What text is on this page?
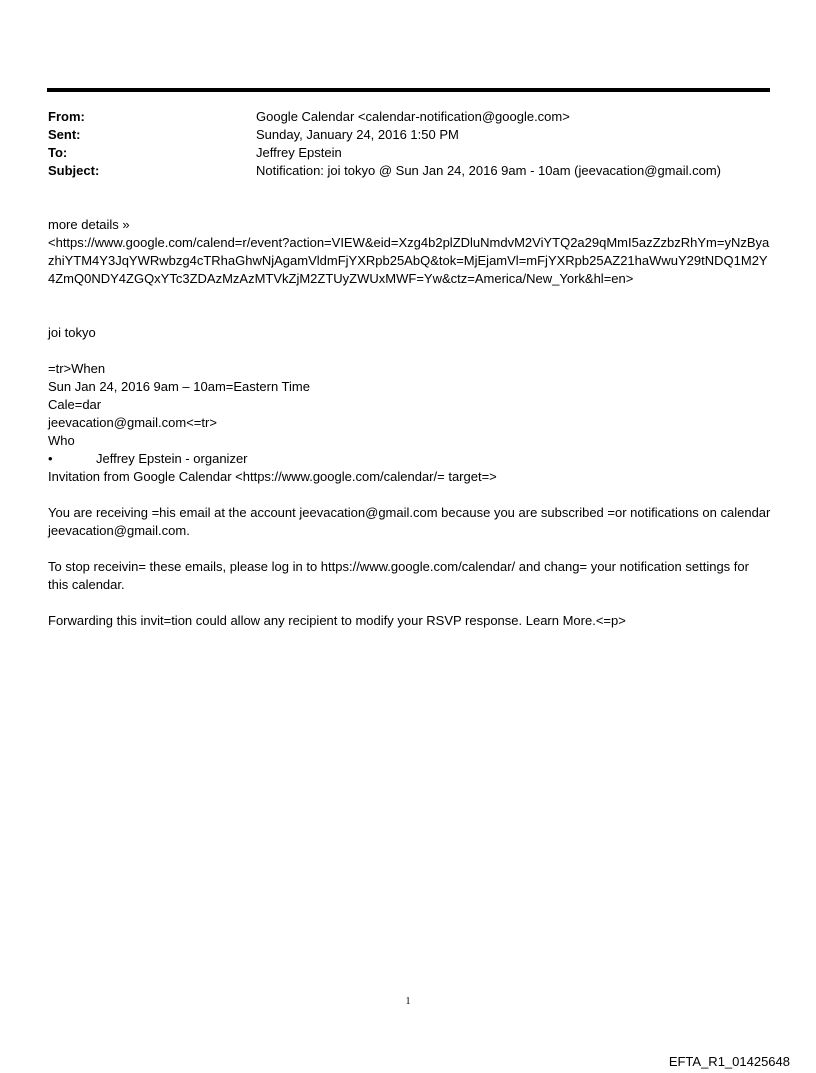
From:	Google Calendar <calendar-notification@google.com>
Sent:	Sunday, January 24, 2016 1:50 PM
To:	Jeffrey Epstein
Subject:	Notification: joi tokyo @ Sun Jan 24, 2016 9am - 10am (jeevacation@gmail.com)

more details »

<https://www.google.com/calend=r/event?action=VIEW&eid=Xzg4b2plZDluNmdvM2ViYTQ2a29qMmI5azZzbzRhYm=yNzByazhiYTM4Y3JqYWRwbzg4cTRhaGhwNjAgamVldmFjYXRpb25AbQ&tok=MjEjamVl=mFjYXRpb25AZ21haWwuY29tNDQ1M2Y4ZmQ0NDY4ZGQxYTc3ZDAzMzAzMTVkZjM2ZTUyZWUxMWF=Yw&ctz=America/New_York&hl=en>

joi tokyo

=tr>When

Sun Jan 24, 2016 9am – 10am=Eastern Time

Cale=dar

jeevacation@gmail.com<=tr>

Who

•	Jeffrey Epstein - organizer

Invitation from Google Calendar <https://www.google.com/calendar/= target=>

You are receiving =his email at the account jeevacation@gmail.com because you are subscribed =or notifications on calendar jeevacation@gmail.com.

To stop receivin= these emails, please log in to https://www.google.com/calendar/ and chang= your notification settings for this calendar.

Forwarding this invit=tion could allow any recipient to modify your RSVP response. Learn More.<=p>

1
EFTA_R1_01425648
